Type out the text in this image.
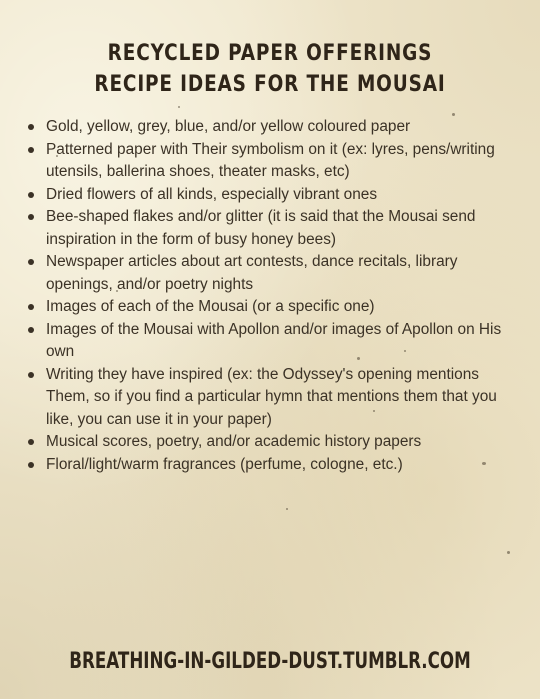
RECYCLED PAPER OFFERINGS
RECIPE IDEAS FOR THE MOUSAI
Gold, yellow, grey, blue, and/or yellow coloured paper
Patterned paper with Their symbolism on it (ex: lyres, pens/writing utensils, ballerina shoes, theater masks, etc)
Dried flowers of all kinds, especially vibrant ones
Bee-shaped flakes and/or glitter (it is said that the Mousai send inspiration in the form of busy honey bees)
Newspaper articles about art contests, dance recitals, library openings, and/or poetry nights
Images of each of the Mousai (or a specific one)
Images of the Mousai with Apollon and/or images of Apollon on His own
Writing they have inspired (ex: the Odyssey's opening mentions Them, so if you find a particular hymn that mentions them that you like, you can use it in your paper)
Musical scores, poetry, and/or academic history papers
Floral/light/warm fragrances (perfume, cologne, etc.)
BREATHING-IN-GILDED-DUST.TUMBLR.COM
